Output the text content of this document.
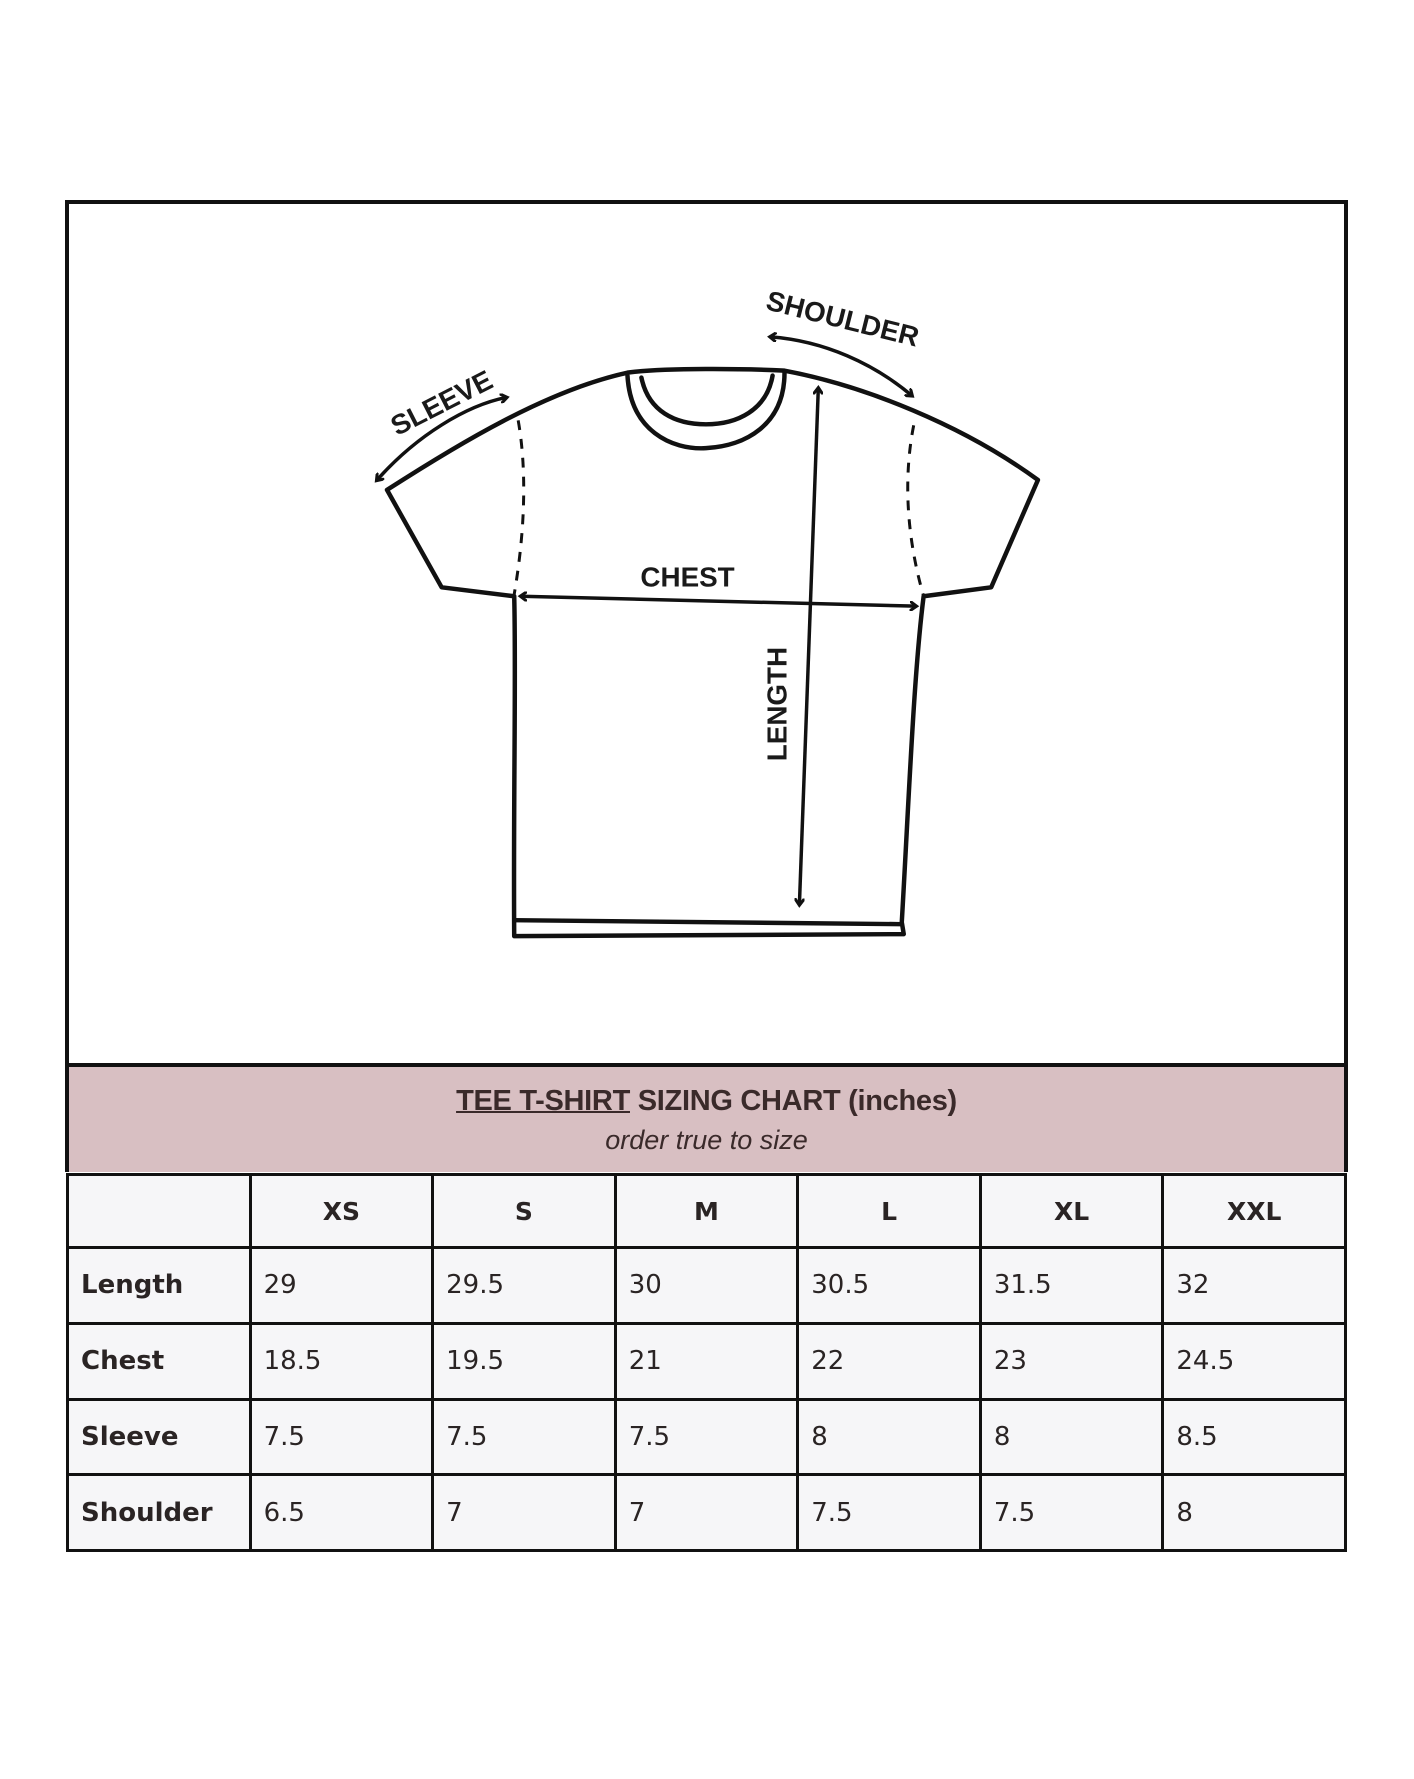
SLEEVE
SHOULDER
CHEST
LENGTH
TEE T-SHIRT SIZING CHART (inches)
order true to size
	XS	S	M	L	XL	XXL
Length	29	29.5	30	30.5	31.5	32
Chest	18.5	19.5	21	22	23	24.5
Sleeve	7.5	7.5	7.5	8	8	8.5
Shoulder	6.5	7	7	7.5	7.5	8
